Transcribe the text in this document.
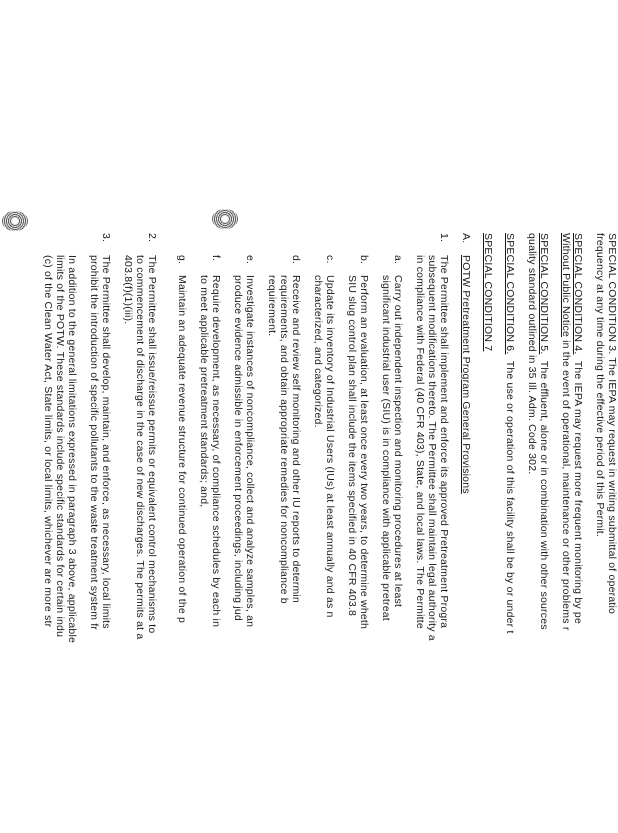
SPECIAL CONDITION 3. The IEPA may request in writing submittal of operatio

frequency at any time during the effective period of this Permit.

SPECIAL CONDITION 4.  The IEPA may request more frequent monitoring by pe

Without Public Notice in the event of operational, maintenance or other problems r

SPECIAL CONDITION 5.  The effluent, alone or in combination with other sources

quality standard outlined in 35 Ill. Adm. Code 302.

SPECIAL CONDITION 6.  The use or operation of this facility shall be by or under t

SPECIAL CONDITION 7

A.

POTW Pretreatment Program General Provisions

1.

The Permittee shall implement and enforce its approved Pretreatment Progra

subsequent modifications thereto. The Permittee shall maintain legal authority a

in compliance with Federal (40 CFR 403), State, and local laws. The Permitte

a.

Carry out independent inspection and monitoring procedures at least

significant industrial user (SIU) is in compliance with applicable pretreat

b.

Perform an evaluation, at least once every two years, to determine wheth

SIU slug control plan shall include the items specified in 40 CFR 403.8

c.

Update its inventory of Industrial Users (IUs) at least annually and as n

characterized, and categorized.

d.

Receive and review self monitoring and other IU reports to determin

requirements, and obtain appropriate remedies for noncompliance b

requirement.

e.

Investigate instances of noncompliance, collect and analyze samples, an

produce evidence admissible in enforcement proceedings, including jud

f.

Require development, as necessary, of compliance schedules by each in

to meet applicable pretreatment standards; and,

g.

Maintain an adequate revenue structure for continued operation of the p

2.

The Permittee shall issue/reissue permits or equivalent control mechanisms to

to commencement of discharge in the case of new discharges. The permits at a

403.8(f)(1)(iii).

3.

The Permittee shall develop, maintain, and enforce, as necessary, local limits

prohibit the introduction of specific pollutants to the waste treatment system fr

In addition to the general limitations expressed in paragraph 3 above, applicable

limits of the POTW. These standards include specific standards for certain indu

(c) of the Clean Water Act, State limits, or local limits, whichever are more str
